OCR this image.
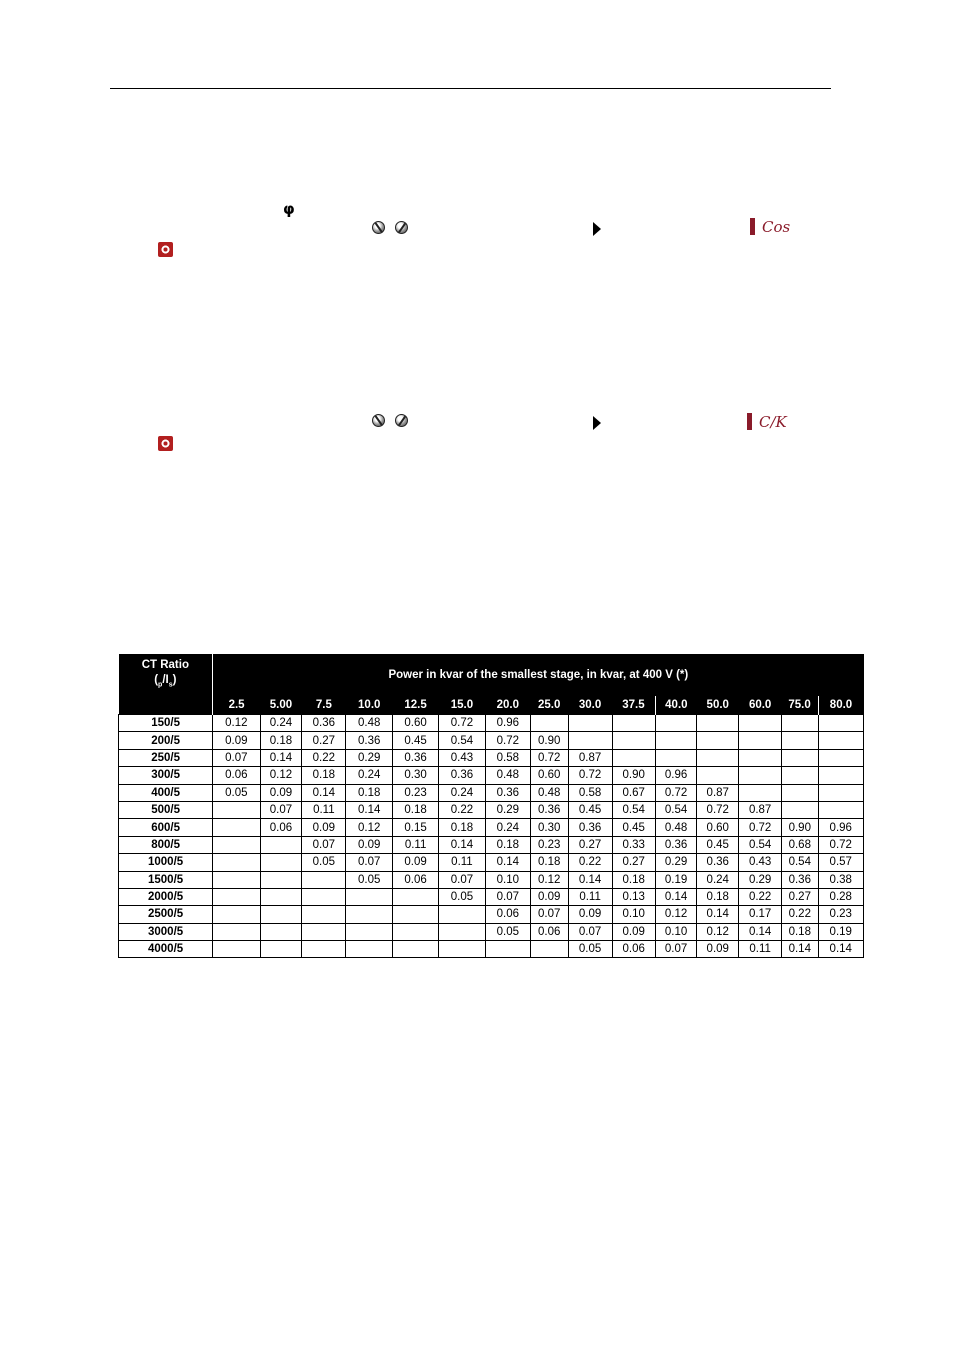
φ
Cos
C/K
CT Ratio
$(_p/I_s)$	Power in kvar of the smallest stage, in kvar, at 400 V (*)														
	2.5	5.00	7.5	10.0	12.5	15.0	20.0	25.0	30.0	37.5	40.0	50.0	60.0	75.0	80.0
150/5	0.12	0.24	0.36	0.48	0.60	0.72	0.96								
200/5	0.09	0.18	0.27	0.36	0.45	0.54	0.72	0.90							
250/5	0.07	0.14	0.22	0.29	0.36	0.43	0.58	0.72	0.87						
300/5	0.06	0.12	0.18	0.24	0.30	0.36	0.48	0.60	0.72	0.90	0.96				
400/5	0.05	0.09	0.14	0.18	0.23	0.24	0.36	0.48	0.58	0.67	0.72	0.87			
500/5		0.07	0.11	0.14	0.18	0.22	0.29	0.36	0.45	0.54	0.54	0.72	0.87		
600/5		0.06	0.09	0.12	0.15	0.18	0.24	0.30	0.36	0.45	0.48	0.60	0.72	0.90	0.96
800/5			0.07	0.09	0.11	0.14	0.18	0.23	0.27	0.33	0.36	0.45	0.54	0.68	0.72
1000/5			0.05	0.07	0.09	0.11	0.14	0.18	0.22	0.27	0.29	0.36	0.43	0.54	0.57
1500/5				0.05	0.06	0.07	0.10	0.12	0.14	0.18	0.19	0.24	0.29	0.36	0.38
2000/5						0.05	0.07	0.09	0.11	0.13	0.14	0.18	0.22	0.27	0.28
2500/5							0.06	0.07	0.09	0.10	0.12	0.14	0.17	0.22	0.23
3000/5							0.05	0.06	0.07	0.09	0.10	0.12	0.14	0.18	0.19
4000/5									0.05	0.06	0.07	0.09	0.11	0.14	0.14
